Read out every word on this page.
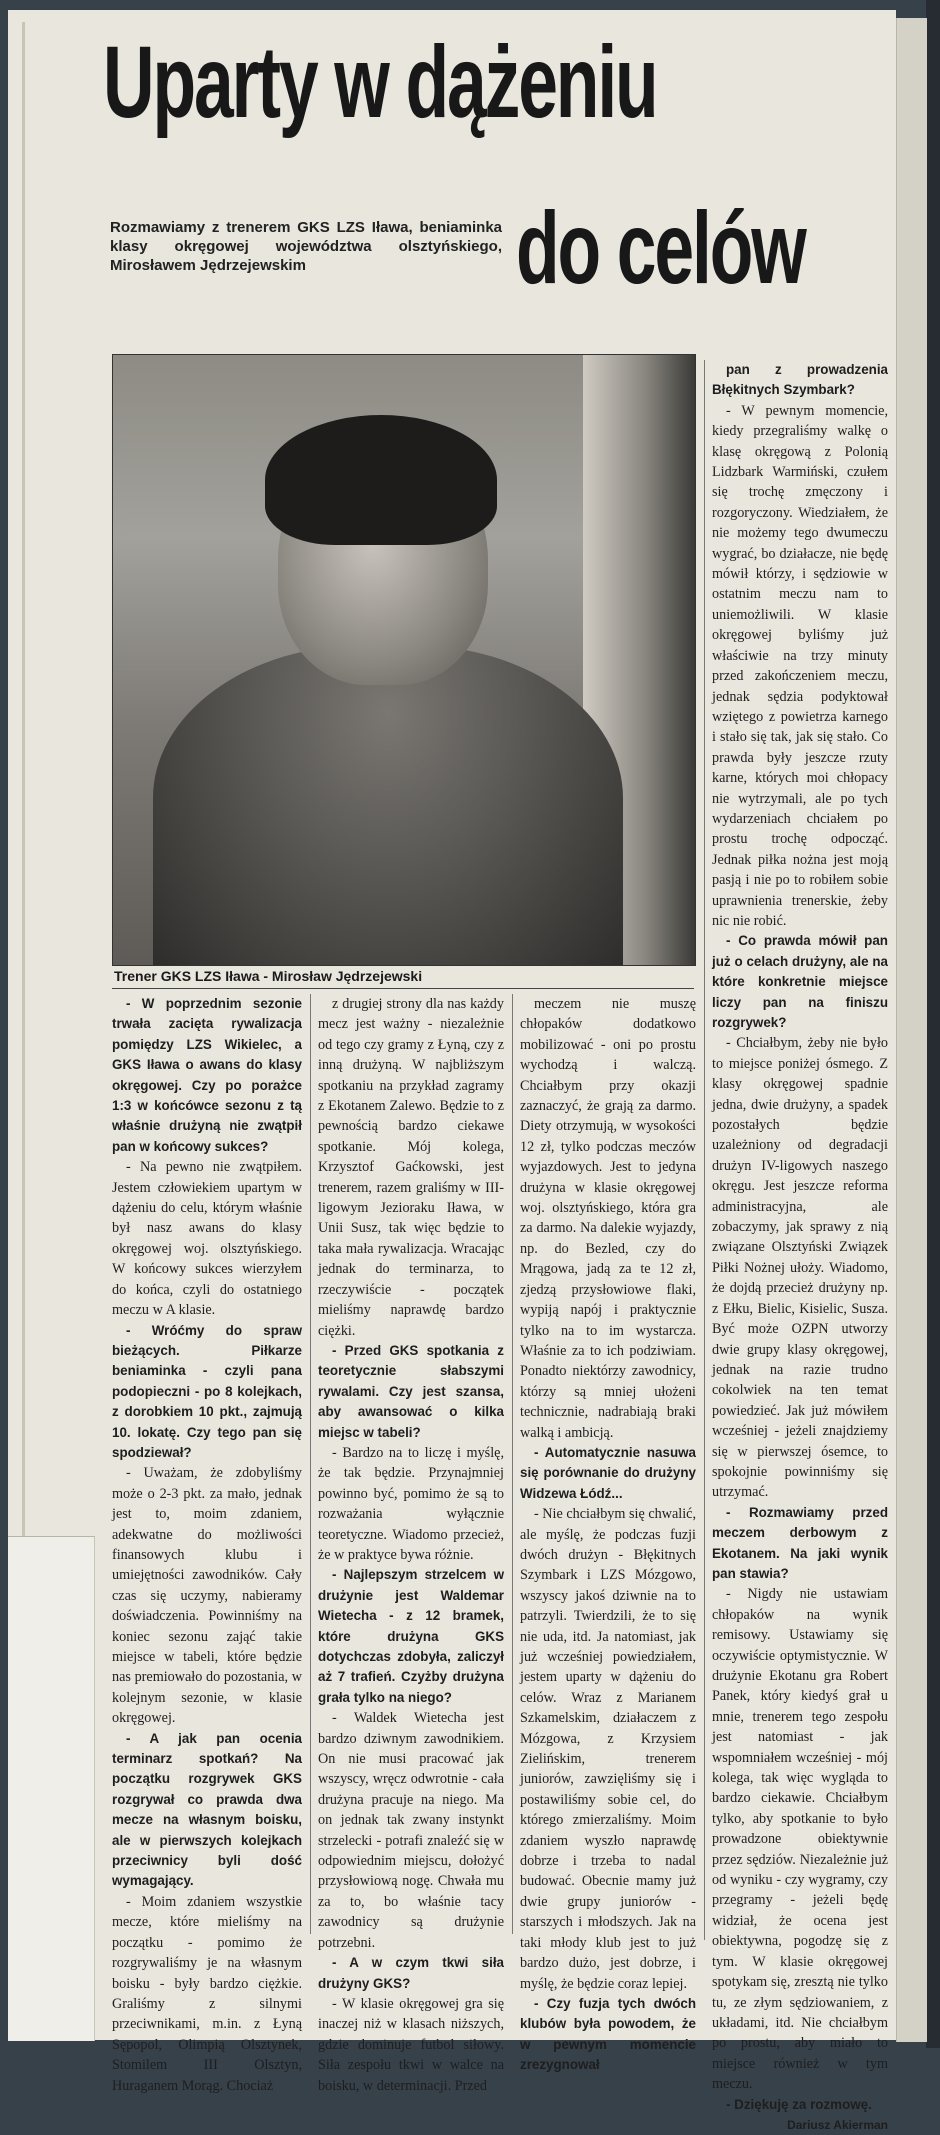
Uparty w dążeniu
do celów
Rozmawiamy z trenerem GKS LZS Iława, beniaminka klasy okręgowej województwa olsztyńskiego, Mirosławem Jędrzejewskim
Trener GKS LZS Iława - Mirosław Jędrzejewski

- W poprzednim sezonie trwała zacięta rywalizacja pomiędzy LZS Wikielec, a GKS Iława o awans do klasy okręgowej. Czy po porażce 1:3 w końcówce sezonu z tą właśnie drużyną nie zwątpił pan w końcowy sukces?

- Na pewno nie zwątpiłem. Jestem człowiekiem upartym w dążeniu do celu, którym właśnie był nasz awans do klasy okręgowej woj. olsztyńskiego. W końcowy sukces wierzyłem do końca, czyli do ostatniego meczu w A klasie.

- Wróćmy do spraw bieżących. Piłkarze beniaminka - czyli pana podopieczni - po 8 kolejkach, z dorobkiem 10 pkt., zajmują 10. lokatę. Czy tego pan się spodziewał?

- Uważam, że zdobyliśmy może o 2-3 pkt. za mało, jednak jest to, moim zdaniem, adekwatne do możliwości finansowych klubu i umiejętności zawodników. Cały czas się uczymy, nabieramy doświadczenia. Powinniśmy na koniec sezonu zająć takie miejsce w tabeli, które będzie nas premiowało do pozostania, w kolejnym sezonie, w klasie okręgowej.

- A jak pan ocenia terminarz spotkań? Na początku rozgrywek GKS rozgrywał co prawda dwa mecze na własnym boisku, ale w pierwszych kolejkach przeciwnicy byli dość wymagający.

- Moim zdaniem wszystkie mecze, które mieliśmy na początku - pomimo że rozgrywaliśmy je na własnym boisku - były bardzo ciężkie. Graliśmy z silnymi przeciwnikami, m.in. z Łyną Sępopol, Olimpią Olsztynek, Stomilem III Olsztyn, Huraganem Morąg. Chociaż

z drugiej strony dla nas każdy mecz jest ważny - niezależnie od tego czy gramy z Łyną, czy z inną drużyną. W najbliższym spotkaniu na przykład zagramy z Ekotanem Zalewo. Będzie to z pewnością bardzo ciekawe spotkanie. Mój kolega, Krzysztof Gaćkowski, jest trenerem, razem graliśmy w III-ligowym Jezioraku Iława, w Unii Susz, tak więc będzie to taka mała rywalizacja. Wracając jednak do terminarza, to rzeczywiście - początek mieliśmy naprawdę bardzo ciężki.

- Przed GKS spotkania z teoretycznie słabszymi rywalami. Czy jest szansa, aby awansować o kilka miejsc w tabeli?

- Bardzo na to liczę i myślę, że tak będzie. Przynajmniej powinno być, pomimo że są to rozważania wyłącznie teoretyczne. Wiadomo przecież, że w praktyce bywa różnie.

- Najlepszym strzelcem w drużynie jest Waldemar Wietecha - z 12 bramek, które drużyna GKS dotychczas zdobyła, zaliczył aż 7 trafień. Czyżby drużyna grała tylko na niego?

- Waldek Wietecha jest bardzo dziwnym zawodnikiem. On nie musi pracować jak wszyscy, wręcz odwrotnie - cała drużyna pracuje na niego. Ma on jednak tak zwany instynkt strzelecki - potrafi znaleźć się w odpowiednim miejscu, dołożyć przysłowiową nogę. Chwała mu za to, bo właśnie tacy zawodnicy są drużynie potrzebni.

- A w czym tkwi siła drużyny GKS?

- W klasie okręgowej gra się inaczej niż w klasach niższych, gdzie dominuje futbol siłowy. Siła zespołu tkwi w walce na boisku, w determinacji. Przed

meczem nie muszę chłopaków dodatkowo mobilizować - oni po prostu wychodzą i walczą. Chciałbym przy okazji zaznaczyć, że grają za darmo. Diety otrzymują, w wysokości 12 zł, tylko podczas meczów wyjazdowych. Jest to jedyna drużyna w klasie okręgowej woj. olsztyńskiego, która gra za darmo. Na dalekie wyjazdy, np. do Bezled, czy do Mrągowa, jadą za te 12 zł, zjedzą przysłowiowe flaki, wypiją napój i praktycznie tylko na to im wystarcza. Właśnie za to ich podziwiam. Ponadto niektórzy zawodnicy, którzy są mniej ułożeni technicznie, nadrabiają braki walką i ambicją.

- Automatycznie nasuwa się porównanie do drużyny Widzewa Łódź...

- Nie chciałbym się chwalić, ale myślę, że podczas fuzji dwóch drużyn - Błękitnych Szymbark i LZS Mózgowo, wszyscy jakoś dziwnie na to patrzyli. Twierdzili, że to się nie uda, itd. Ja natomiast, jak już wcześniej powiedziałem, jestem uparty w dążeniu do celów. Wraz z Marianem Szkamelskim, działaczem z Mózgowa, z Krzysiem Zielińskim, trenerem juniorów, zawzięliśmy się i postawiliśmy sobie cel, do którego zmierzaliśmy. Moim zdaniem wyszło naprawdę dobrze i trzeba to nadal budować. Obecnie mamy już dwie grupy juniorów - starszych i młodszych. Jak na taki młody klub jest to już bardzo dużo, jest dobrze, i myślę, że będzie coraz lepiej.

- Czy fuzja tych dwóch klubów była powodem, że w pewnym momencie zrezygnował

pan z prowadzenia Błękitnych Szymbark?

- W pewnym momencie, kiedy przegraliśmy walkę o klasę okręgową z Polonią Lidzbark Warmiński, czułem się trochę zmęczony i rozgoryczony. Wiedziałem, że nie możemy tego dwumeczu wygrać, bo działacze, nie będę mówił którzy, i sędziowie w ostatnim meczu nam to uniemożliwili. W klasie okręgowej byliśmy już właściwie na trzy minuty przed zakończeniem meczu, jednak sędzia podyktował wziętego z powietrza karnego i stało się tak, jak się stało. Co prawda były jeszcze rzuty karne, których moi chłopacy nie wytrzymali, ale po tych wydarzeniach chciałem po prostu trochę odpocząć. Jednak piłka nożna jest moją pasją i nie po to robiłem sobie uprawnienia trenerskie, żeby nic nie robić.

- Co prawda mówił pan już o celach drużyny, ale na które konkretnie miejsce liczy pan na finiszu rozgrywek?

- Chciałbym, żeby nie było to miejsce poniżej ósmego. Z klasy okręgowej spadnie jedna, dwie drużyny, a spadek pozostałych będzie uzależniony od degradacji drużyn IV-ligowych naszego okręgu. Jest jeszcze reforma administracyjna, ale zobaczymy, jak sprawy z nią związane Olsztyński Związek Piłki Nożnej ułoży. Wiadomo, że dojdą przecież drużyny np. z Ełku, Bielic, Kisielic, Susza. Być może OZPN utworzy dwie grupy klasy okręgowej, jednak na razie trudno cokolwiek na ten temat powiedzieć. Jak już mówiłem wcześniej - jeżeli znajdziemy się w pierwszej ósemce, to spokojnie powinniśmy się utrzymać.

- Rozmawiamy przed meczem derbowym z Ekotanem. Na jaki wynik pan stawia?

- Nigdy nie ustawiam chłopaków na wynik remisowy. Ustawiamy się oczywiście optymistycznie. W drużynie Ekotanu gra Robert Panek, który kiedyś grał u mnie, trenerem tego zespołu jest natomiast - jak wspomniałem wcześniej - mój kolega, tak więc wygląda to bardzo ciekawie. Chciałbym tylko, aby spotkanie to było prowadzone obiektywnie przez sędziów. Niezależnie już od wyniku - czy wygramy, czy przegramy - jeżeli będę widział, że ocena jest obiektywna, pogodzę się z tym. W klasie okręgowej spotykam się, zresztą nie tylko tu, ze złym sędziowaniem, z układami, itd. Nie chciałbym po prostu, aby miało to miejsce również w tym meczu.

- Dziękuję za rozmowę.

Dariusz Akierman
